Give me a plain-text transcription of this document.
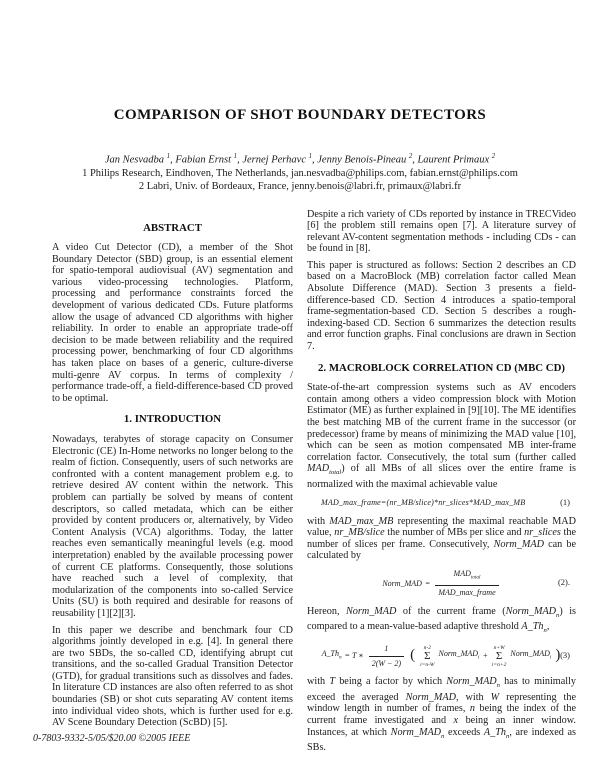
COMPARISON OF SHOT BOUNDARY DETECTORS
Jan Nesvadba $^1$, Fabian Ernst $^1$, Jernej Perhavc $^1$, Jenny Benois-Pineau $^2$, Laurent Primaux $^2$
1 Philips Research, Eindhoven, The Netherlands, jan.nesvadba@philips.com, fabian.ernst@philips.com
2 Labri, Univ. of Bordeaux, France, jenny.benois@labri.fr, primaux@labri.fr
ABSTRACT

A video Cut Detector (CD), a member of the Shot Boundary Detector (SBD) group, is an essential element for spatio-temporal audiovisual (AV) segmentation and various video-processing technologies. Platform, processing and performance constraints forced the development of various dedicated CDs. Future platforms allow the usage of advanced CD algorithms with higher reliability. In order to enable an appropriate trade-off decision to be made between reliability and the required processing power, benchmarking of four CD algorithms has taken place on bases of a generic, culture-diverse multi-genre AV corpus. In terms of complexity / performance trade-off, a field-difference-based CD proved to be optimal.

1. INTRODUCTION

Nowadays, terabytes of storage capacity on Consumer Electronic (CE) In-Home networks no longer belong to the realm of fiction. Consequently, users of such networks are confronted with a content management problem e.g. to retrieve desired AV content within the network. This problem can partially be solved by means of content descriptors, so called metadata, which can be either provided by content producers or, alternatively, by Video Content Analysis (VCA) algorithms. Today, the latter reaches even semantically meaningful levels (e.g. mood interpretation) enabled by the available processing power of current CE platforms. Consequently, those solutions have reached such a level of complexity, that modularization of the components into so-called Service Units (SU) is both required and desirable for reasons of reusability [1][2][3].

In this paper we describe and benchmark four CD algorithms jointly developed in e.g. [4]. In general there are two SBDs, the so-called CD, identifying abrupt cut transitions, and the so-called Gradual Transition Detector (GTD), for gradual transitions such as dissolves and fades. In literature CD instances are also often referred to as shot boundaries (SB) or shot cuts separating AV content items into individual video shots, which is further used for e.g. AV Scene Boundary Detection (ScBD) [5].

Despite a rich variety of CDs reported by instance in TRECVideo [6] the problem still remains open [7]. A literature survey of relevant AV-content segmentation methods - including CDs - can be found in [8].

This paper is structured as follows: Section 2 describes an CD based on a MacroBlock (MB) correlation factor called Mean Absolute Difference (MAD). Section 3 presents a field-difference-based CD. Section 4 introduces a spatio-temporal frame-segmentation-based CD. Section 5 describes a rough-indexing-based CD. Section 6 summarizes the detection results and error function graphs. Final conclusions are drawn in Section 7.

2. MACROBLOCK CORRELATION CD (MBC CD)

State-of-the-art compression systems such as AV encoders contain among others a video compression block with Motion Estimator (ME) as further explained in [9][10]. The ME identifies the best matching MB of the current frame in the successor (or predecessor) frame by means of minimizing the MAD value [10], which can be seen as motion compensated MB inter-frame correlation factor. Consecutively, the total sum (further called $MAD_{total}$) of all MBs of all slices over the entire frame is normalized with the maximal achievable value

MAD_max_frame=(nr_MB/slice)*nr_slices*MAD_max_MB	(1)

with MAD_max_MB representing the maximal reachable MAD value, nr_MB/slice the number of MBs per slice and nr_slices the number of slices per frame. Consecutively, Norm_MAD can be calculated by

Norm_MAD = $\frac{MAD_{total}}{\text{MAD\_max\_frame}}$	(2).

Hereon, Norm_MAD of the current frame $(Norm\_MAD_n)$ is compared to a mean-value-based adaptive threshold $A\_Th_n$,

$A\_Th_n = T$ ∗ $\frac{1}{2(W - 2)}$ ( n-2
Σ
i=n-W
$Norm\_MAD_i$ +
n+W
Σ
i=n+2
$Norm\_MAD_i$ ) (3)

with T being a factor by which $Norm\_MAD_n$ has to minimally exceed the averaged Norm_MAD, with W representing the window length in number of frames, n being the index of the current frame investigated and x being an inner window. Instances, at which $Norm\_MAD_n$ exceeds $A\_Th_n$, are indexed as SBs.

0-7803-9332-5/05/$20.00 ©2005 IEEE
